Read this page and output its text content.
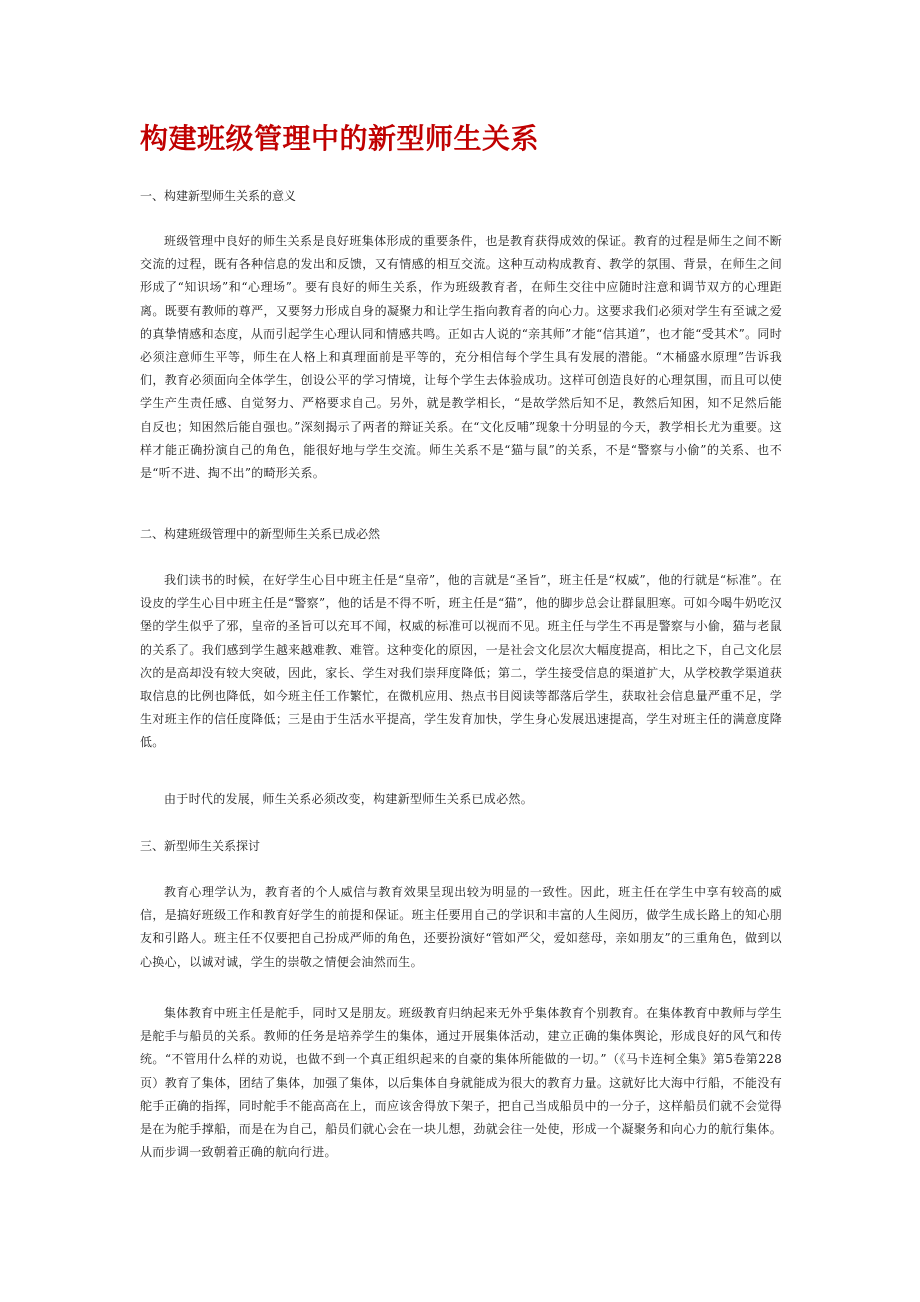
构建班级管理中的新型师生关系
一、构建新型师生关系的意义

班级管理中良好的师生关系是良好班集体形成的重要条件，也是教育获得成效的保证。教育的过程是师生之间不断交流的过程，既有各种信息的发出和反馈，又有情感的相互交流。这种互动构成教育、教学的氛围、背景，在师生之间形成了“知识场”和“心理场”。要有良好的师生关系，作为班级教育者，在师生交往中应随时注意和调节双方的心理距离。既要有教师的尊严，又要努力形成自身的凝聚力和让学生指向教育者的向心力。这要求我们必须对学生有至诚之爱的真挚情感和态度，从而引起学生心理认同和情感共鸣。正如古人说的“亲其师”才能“信其道”，也才能“受其术”。同时必须注意师生平等，师生在人格上和真理面前是平等的，充分相信每个学生具有发展的潜能。“木桶盛水原理”告诉我们，教育必须面向全体学生，创设公平的学习情境，让每个学生去体验成功。这样可创造良好的心理氛围，而且可以使学生产生责任感、自觉努力、严格要求自己。另外，就是教学相长，“是故学然后知不足，教然后知困，知不足然后能自反也；知困然后能自强也。”深刻揭示了两者的辩证关系。在“文化反哺”现象十分明显的今天，教学相长尤为重要。这样才能正确扮演自己的角色，能很好地与学生交流。师生关系不是“猫与鼠”的关系，不是“警察与小偷”的关系、也不是“听不进、掏不出”的畸形关系。

二、构建班级管理中的新型师生关系已成必然

我们读书的时候，在好学生心目中班主任是“皇帝”，他的言就是“圣旨”，班主任是“权威”，他的行就是“标准”。在设皮的学生心目中班主任是“警察”，他的话是不得不听，班主任是“猫”，他的脚步总会让群鼠胆寒。可如今喝牛奶吃汉堡的学生似乎了邪，皇帝的圣旨可以充耳不闻，权威的标准可以视而不见。班主任与学生不再是警察与小偷，猫与老鼠的关系了。我们感到学生越来越难教、难管。这种变化的原因，一是社会文化层次大幅度提高，相比之下，自己文化层次的是高却没有较大突破，因此，家长、学生对我们崇拜度降低；第二，学生接受信息的渠道扩大，从学校教学渠道获取信息的比例也降低，如今班主任工作繁忙，在微机应用、热点书目阅读等都落后学生，获取社会信息量严重不足，学生对班主作的信任度降低；三是由于生活水平提高，学生发育加快，学生身心发展迅速提高，学生对班主任的满意度降低。

由于时代的发展，师生关系必须改变，构建新型师生关系已成必然。

三、新型师生关系探讨

教育心理学认为，教育者的个人威信与教育效果呈现出较为明显的一致性。因此，班主任在学生中享有较高的威信，是搞好班级工作和教育好学生的前提和保证。班主任要用自己的学识和丰富的人生阅历，做学生成长路上的知心朋友和引路人。班主任不仅要把自己扮成严师的角色，还要扮演好“管如严父，爱如慈母，亲如朋友”的三重角色，做到以心换心，以诚对诚，学生的崇敬之情便会油然而生。

集体教育中班主任是舵手，同时又是朋友。班级教育归纳起来无外乎集体教育个别教育。在集体教育中教师与学生是舵手与船员的关系。教师的任务是培养学生的集体，通过开展集体活动，建立正确的集体舆论，形成良好的风气和传统。“不管用什么样的劝说，也做不到一个真正组织起来的自豪的集体所能做的一切。”（《马卡连柯全集》第5卷第228页）教育了集体，团结了集体，加强了集体，以后集体自身就能成为很大的教育力量。这就好比大海中行船，不能没有舵手正确的指挥，同时舵手不能高高在上，而应该舍得放下架子，把自己当成船员中的一分子，这样船员们就不会觉得是在为舵手撑船，而是在为自己，船员们就心会在一块儿想，劲就会往一处使，形成一个凝聚务和向心力的航行集体。从而步调一致朝着正确的航向行进。
